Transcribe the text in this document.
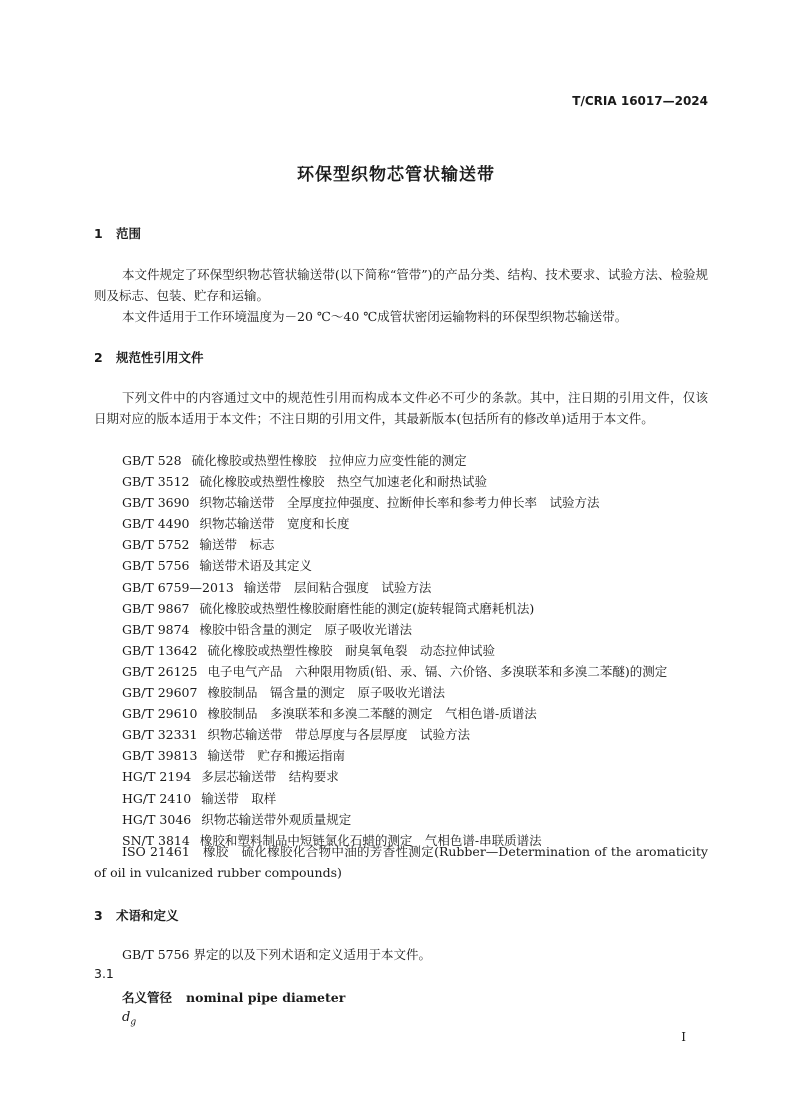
T/CRIA 16017—2024
环保型织物芯管状输送带
1 范围
本文件规定了环保型织物芯管状输送带(以下简称“管带”)的产品分类、结构、技术要求、试验方法、检验规则及标志、包装、贮存和运输。
本文件适用于工作环境温度为－20 ℃～40 ℃成管状密闭运输物料的环保型织物芯输送带。
2 规范性引用文件
下列文件中的内容通过文中的规范性引用而构成本文件必不可少的条款。其中，注日期的引用文件，仅该日期对应的版本适用于本文件；不注日期的引用文件，其最新版本(包括所有的修改单)适用于本文件。
GB/T 528 硫化橡胶或热塑性橡胶　拉伸应力应变性能的测定
GB/T 3512 硫化橡胶或热塑性橡胶　热空气加速老化和耐热试验
GB/T 3690 织物芯输送带　全厚度拉伸强度、拉断伸长率和参考力伸长率　试验方法
GB/T 4490 织物芯输送带　宽度和长度
GB/T 5752 输送带　标志
GB/T 5756 输送带术语及其定义
GB/T 6759—2013 输送带　层间粘合强度　试验方法
GB/T 9867 硫化橡胶或热塑性橡胶耐磨性能的测定(旋转辊筒式磨耗机法)
GB/T 9874 橡胶中铅含量的测定　原子吸收光谱法
GB/T 13642 硫化橡胶或热塑性橡胶　耐臭氧龟裂　动态拉伸试验
GB/T 26125 电子电气产品　六种限用物质(铅、汞、镉、六价铬、多溴联苯和多溴二苯醚)的测定
GB/T 29607 橡胶制品　镉含量的测定　原子吸收光谱法
GB/T 29610 橡胶制品　多溴联苯和多溴二苯醚的测定　气相色谱-质谱法
GB/T 32331 织物芯输送带　带总厚度与各层厚度　试验方法
GB/T 39813 输送带　贮存和搬运指南
HG/T 2194 多层芯输送带　结构要求
HG/T 2410 输送带　取样
HG/T 3046 织物芯输送带外观质量规定
SN/T 3814 橡胶和塑料制品中短链氯化石蜡的测定　气相色谱-串联质谱法
ISO 21461　橡胶　硫化橡胶化合物中油的芳香性测定(Rubber—Determination of the aromaticity of oil in vulcanized rubber compounds)
3 术语和定义
GB/T 5756 界定的以及下列术语和定义适用于本文件。
3.1
名义管径 nominal pipe diameter
$d_g$
I
